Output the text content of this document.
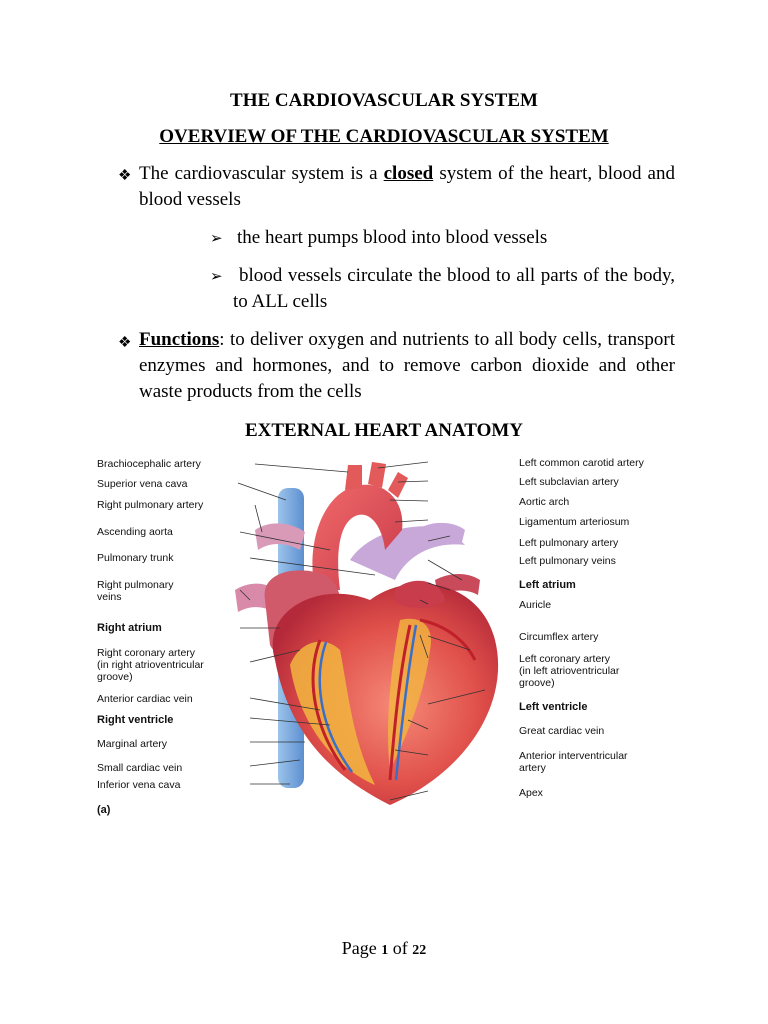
THE CARDIOVASCULAR SYSTEM
OVERVIEW OF THE CARDIOVASCULAR SYSTEM
❖ The cardiovascular system is a closed system of the heart, blood and blood vessels
➢ the heart pumps blood into blood vessels
➢ blood vessels circulate the blood to all parts of the body, to ALL cells
❖ Functions: to deliver oxygen and nutrients to all body cells, transport enzymes and hormones, and to remove carbon dioxide and other waste products from the cells
EXTERNAL HEART ANATOMY
Brachiocephalic artery
Superior vena cava
Right pulmonary artery
Ascending aorta
Pulmonary trunk
Right pulmonary
veins
Right atrium
Right coronary artery
(in right atrioventricular
groove)
Anterior cardiac vein
Right ventricle
Marginal artery
Small cardiac vein
Inferior vena cava
(a)
Left common carotid artery
Left subclavian artery
Aortic arch
Ligamentum arteriosum
Left pulmonary artery
Left pulmonary veins
Left atrium
Auricle
Circumflex artery
Left coronary artery
(in left atrioventricular
groove)
Left ventricle
Great cardiac vein
Anterior interventricular
artery
Apex
Page 1 of 22
